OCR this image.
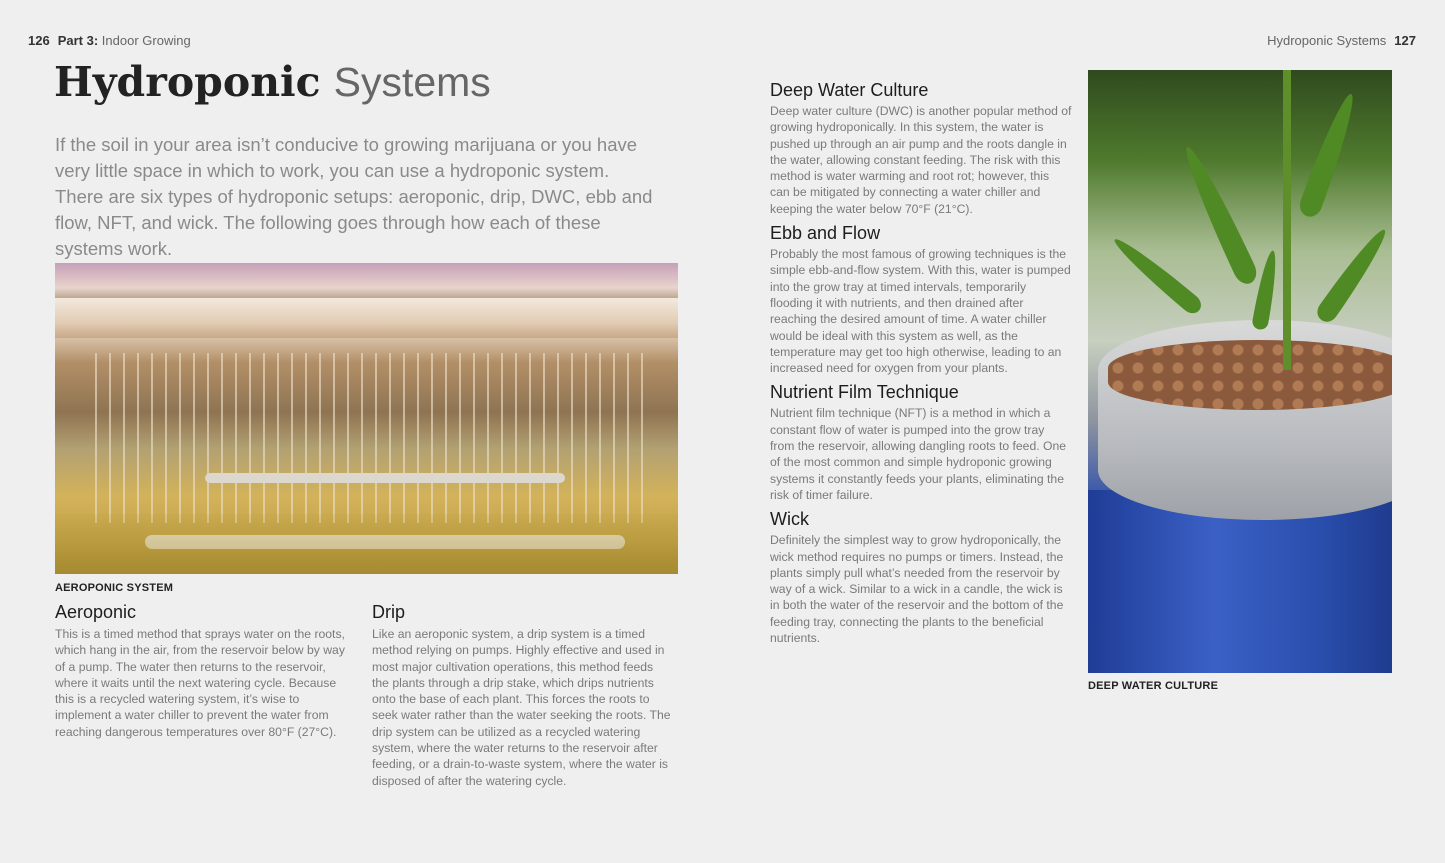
126 Part 3: Indoor Growing	Hydroponic Systems 127
Hydroponic Systems
If the soil in your area isn’t conducive to growing marijuana or you have very little space in which to work, you can use a hydroponic system. There are six types of hydroponic setups: aeroponic, drip, DWC, ebb and flow, NFT, and wick. The following goes through how each of these systems work.
AEROPONIC SYSTEM
Aeroponic

This is a timed method that sprays water on the roots, which hang in the air, from the reservoir below by way of a pump. The water then returns to the reservoir, where it waits until the next watering cycle. Because this is a recycled watering system, it’s wise to implement a water chiller to prevent the water from reaching dangerous temperatures over 80°F (27°C).

Drip

Like an aeroponic system, a drip system is a timed method relying on pumps. Highly effective and used in most major cultivation operations, this method feeds the plants through a drip stake, which drips nutrients onto the base of each plant. This forces the roots to seek water rather than the water seeking the roots. The drip system can be utilized as a recycled watering system, where the water returns to the reservoir after feeding, or a drain-to-waste system, where the water is disposed of after the watering cycle.

Deep Water Culture

Deep water culture (DWC) is another popular method of growing hydroponically. In this system, the water is pushed up through an air pump and the roots dangle in the water, allowing constant feeding. The risk with this method is water warming and root rot; however, this can be mitigated by connecting a water chiller and keeping the water below 70°F (21°C).

Ebb and Flow

Probably the most famous of growing techniques is the simple ebb-and-flow system. With this, water is pumped into the grow tray at timed intervals, temporarily flooding it with nutrients, and then drained after reaching the desired amount of time. A water chiller would be ideal with this system as well, as the temperature may get too high otherwise, leading to an increased need for oxygen from your plants.

Nutrient Film Technique

Nutrient film technique (NFT) is a method in which a constant flow of water is pumped into the grow tray from the reservoir, allowing dangling roots to feed. One of the most common and simple hydroponic growing systems it constantly feeds your plants, eliminating the risk of timer failure.

Wick

Definitely the simplest way to grow hydroponically, the wick method requires no pumps or timers. Instead, the plants simply pull what’s needed from the reservoir by way of a wick. Similar to a wick in a candle, the wick is in both the water of the reservoir and the bottom of the feeding tray, connecting the plants to the beneficial nutrients.

DEEP WATER CULTURE
